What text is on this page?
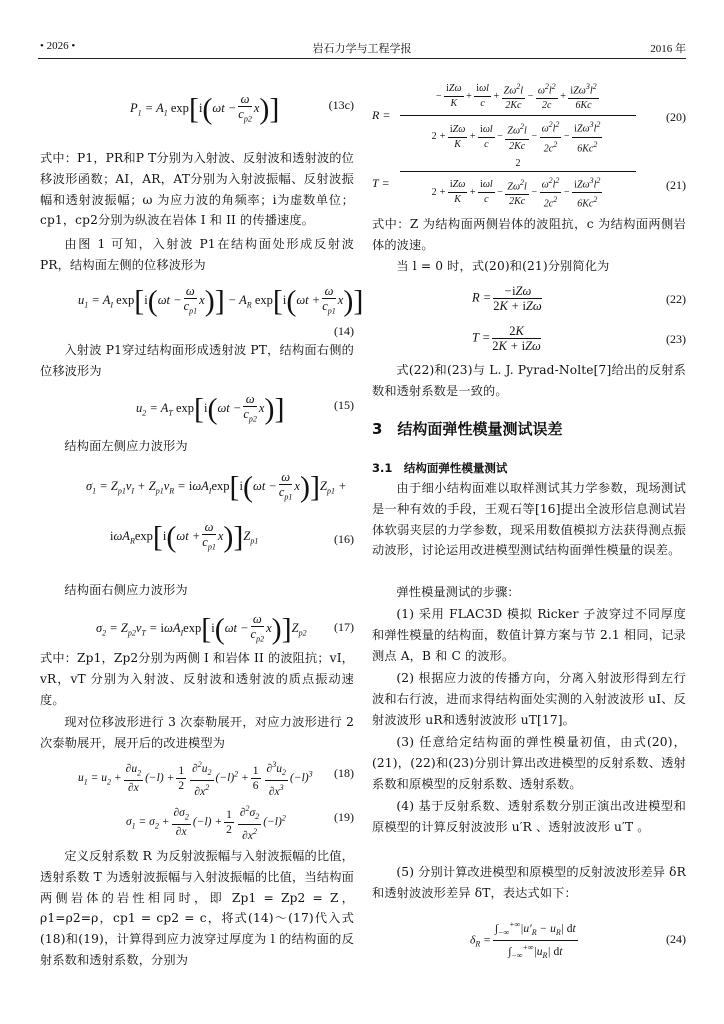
• 2026 •	岩石力学与工程学报	2016 年
$P_1 = A_1$ $\exp[i(\omega t - \frac{\omega}{c_{p2}} x)]$	(13c)
式中：P1，PR和P T分别为入射波、反射波和透射波的位移波形函数；AI，AR，AT分别为入射波振幅、反射波振幅和透射波振幅；ω 为应力波的角频率；i为虚数单位；cp1，cp2分别为纵波在岩体 I 和 II 的传播速度。
由图 1 可知，入射波 P1在结构面处形成反射波 PR，结构面左侧的位移波形为
$u_1 = A_I$ $\exp[i(\omega t - \frac{\omega}{c_{p1}} x)] - A_R$ $\exp[i(\omega t + \frac{\omega}{c_{p1}} x)]$
(14)
入射波 P1穿过结构面形成透射波 PT，结构面右侧的位移波形为
$u_2 = A_T$ $\exp[i(\omega t - \frac{\omega}{c_{p2}} x)]$	(15)
结构面左侧应力波形为
$\sigma_1 = Z_{p1}v_I + Z_{p1}v_R = i\omega A_I\exp[i(\omega t - \frac{\omega}{c_{p1}} x)]Z_{p1}$ +
$i\omega A_R\exp[i(\omega t + \frac{\omega}{c_{p1}} x)]Z_{p1}$	(16)
结构面右侧应力波形为
$\sigma_2 = Z_{p2}v_T = i\omega A_I\exp[i(\omega t - \frac{\omega}{c_{p2}} x)]Z_{p2}$ (17)
式中：Zp1，Zp2分别为两侧 I 和岩体 II 的波阻抗；vI，vR，vT 分别为入射波、反射波和透射波的质点振动速度。
现对位移波形进行 3 次泰勒展开，对应力波形进行 2 次泰勒展开，展开后的改进模型为
$u_1 = u_2 + \frac{\partial u_2}{\partial x} (-l) + \frac{1}{2} \frac{\partial^2u_2}{\partial x^2} (-l)^2 + \frac{1}{6} \frac{\partial^3u_2}{\partial x^3} (-l)^3$ (18)
$\sigma_1 = \sigma_2 + \frac{\partial\sigma_2}{\partial x} (-l) + \frac{1}{2} \frac{\partial^2\sigma_2}{\partial x^2} (-l)^2$	(19)
定义反射系数 R 为反射波振幅与入射波振幅的比值，透射系数 T 为透射波振幅与入射波振幅的比值，当结构面两侧岩体的岩性相同时，即 Zp1 = Zp2 = Z，ρ1=ρ2=ρ，cp1 = cp2 = c，将式(14)～(17)代入式(18)和(19)，计算得到应力波穿过厚度为 l 的结构面的反射系数和透射系数，分别为
R =
− $\frac{\text{iZω}}{K} + \frac{\text{iωl}}{c} + \frac{Z\omega^2l}{2Kc} - \frac{\omega^2l^2}{2c} + \frac{iZ\omega^3l^2}{6Kc}$
$2 + \frac{\text{iZω}}{K} + \frac{\text{iωl}}{c} - \frac{Z\omega^2l}{2Kc} - \frac{\omega^2l^2}{2c^2} - \frac{iZ\omega^3l^2}{6Kc^2}$
(20)
T =
2
$2 + \frac{\text{iZω}}{K} + \frac{\text{iωl}}{c} - \frac{Z\omega^2l}{2Kc} - \frac{\omega^2l^2}{2c^2} - \frac{iZ\omega^3l^2}{6Kc^2}$	(21)
式中：Z 为结构面两侧岩体的波阻抗，c 为结构面两侧岩体的波速。
当 l = 0 时，式(20)和(21)分别简化为
$R = \frac{\text{−iZω}}{\text{2K + iZω}}$	(22)
$T = \frac{2K}{\text{2K + iZω}}$	(23)
式(22)和(23)与 L. J. Pyrad-Nolte[7]给出的反射系数和透射系数是一致的。
3　结构面弹性模量测试误差
3.1　结构面弹性模量测试
由于细小结构面难以取样测试其力学参数，现场测试是一种有效的手段，王观石等[16]提出全波形信息测试岩体软弱夹层的力学参数，现采用数值模拟方法获得测点振动波形，讨论运用改进模型测试结构面弹性模量的误差。
弹性模量测试的步骤：
(1) 采用 FLAC3D 模拟 Ricker 子波穿过不同厚度和弹性模量的结构面，数值计算方案与节 2.1 相同，记录测点 A，B 和 C 的波形。
(2) 根据应力波的传播方向，分离入射波形得到左行波和右行波，进而求得结构面处实测的入射波波形 uI、反射波波形 uR和透射波波形 uT[17]。
(3) 任意给定结构面的弹性模量初值，由式(20)，(21)，(22)和(23)分别计算出改进模型的反射系数、透射系数和原模型的反射系数、透射系数。
(4) 基于反射系数、透射系数分别正演出改进模型和原模型的计算反射波波形 u′R 、透射波波形 u′T 。
(5) 分别计算改进模型和原模型的反射波波形差异 δR和透射波波形差异 δT，表达式如下：
$\delta_R = \frac{\int_{-\infty}^{+\infty}|u'_R - u_R| dt}{\int_{-\infty}^{+\infty}|u_R| dt}$	(24)
